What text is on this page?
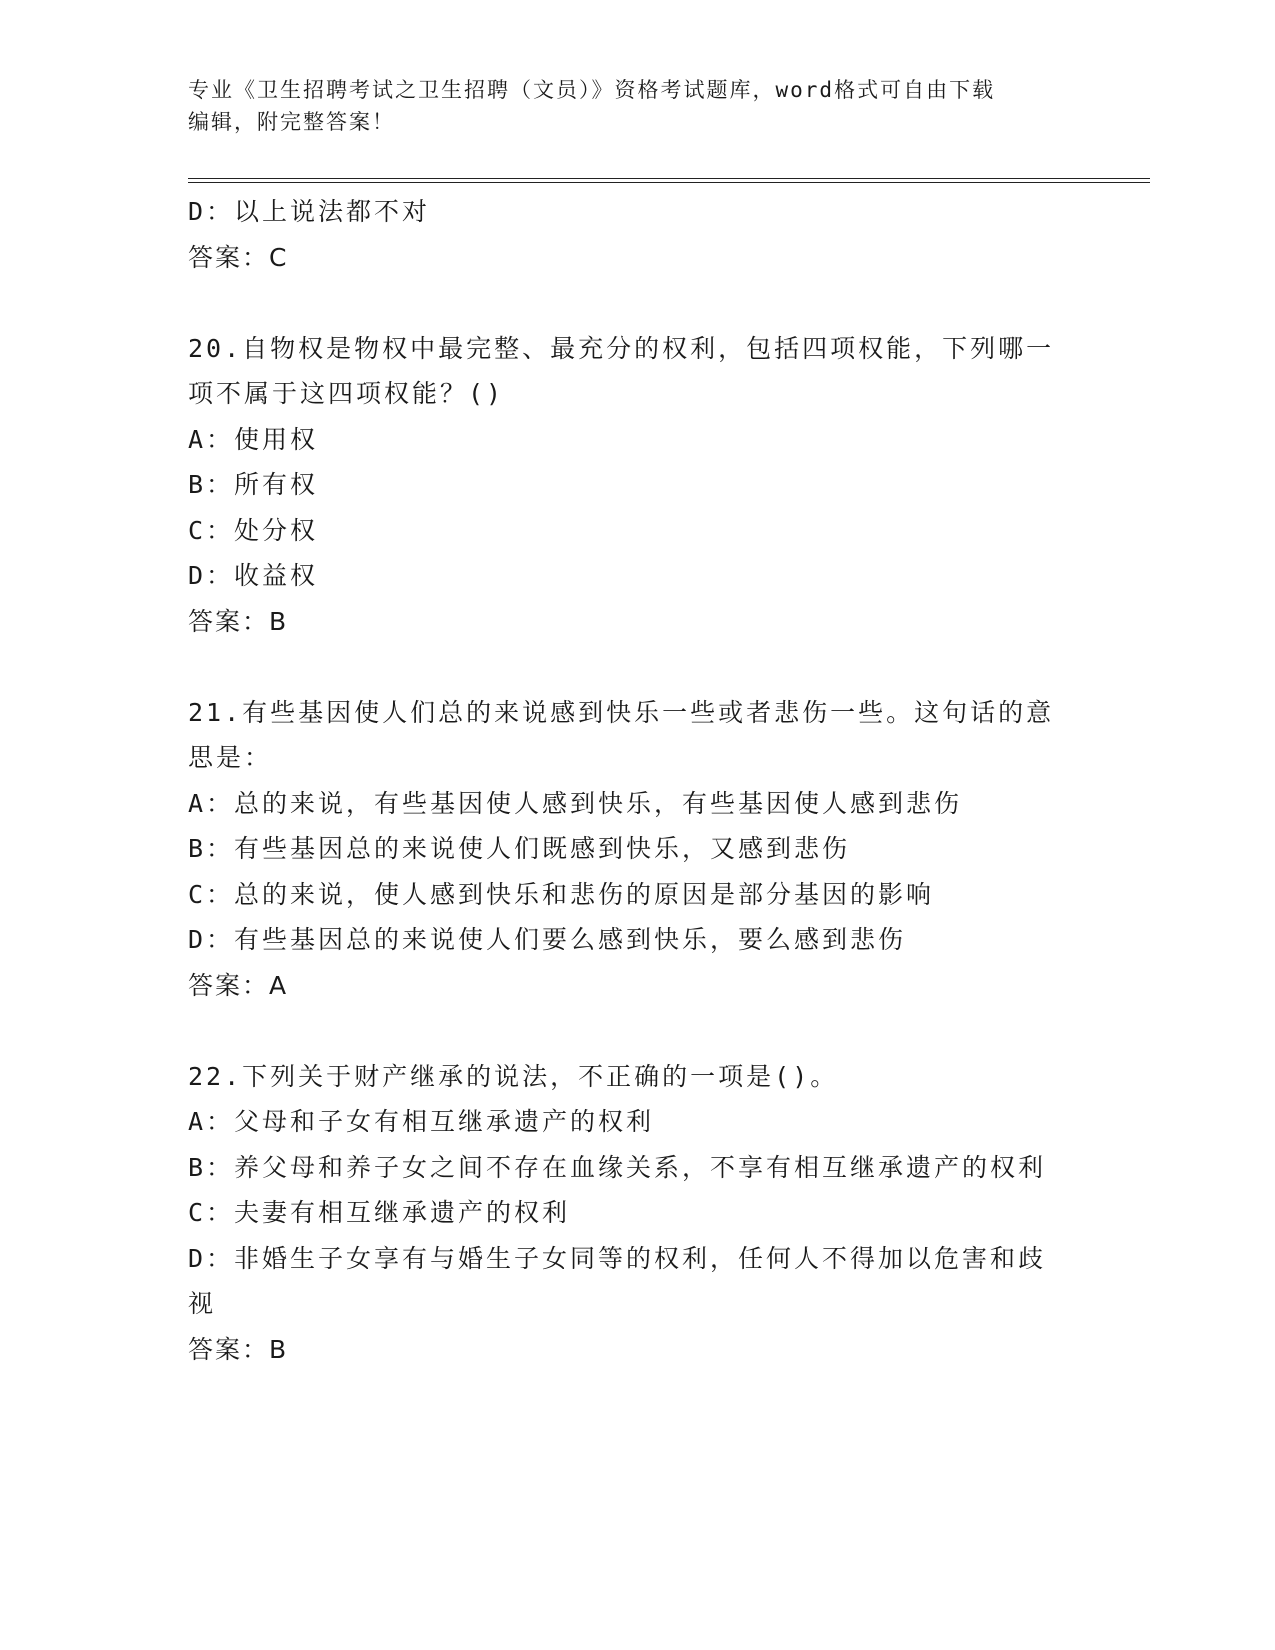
专业《卫生招聘考试之卫生招聘（文员）》资格考试题库，word格式可自由下载
编辑，附完整答案！
D：以上说法都不对
答案：C
20.自物权是物权中最完整、最充分的权利，包括四项权能，下列哪一
项不属于这四项权能？()
A：使用权
B：所有权
C：处分权
D：收益权
答案：B
21.有些基因使人们总的来说感到快乐一些或者悲伤一些。这句话的意
思是：
A：总的来说，有些基因使人感到快乐，有些基因使人感到悲伤
B：有些基因总的来说使人们既感到快乐，又感到悲伤
C：总的来说，使人感到快乐和悲伤的原因是部分基因的影响
D：有些基因总的来说使人们要么感到快乐，要么感到悲伤
答案：A
22.下列关于财产继承的说法，不正确的一项是()。
A：父母和子女有相互继承遗产的权利
B：养父母和养子女之间不存在血缘关系，不享有相互继承遗产的权利
C：夫妻有相互继承遗产的权利
D：非婚生子女享有与婚生子女同等的权利，任何人不得加以危害和歧
视
答案：B
